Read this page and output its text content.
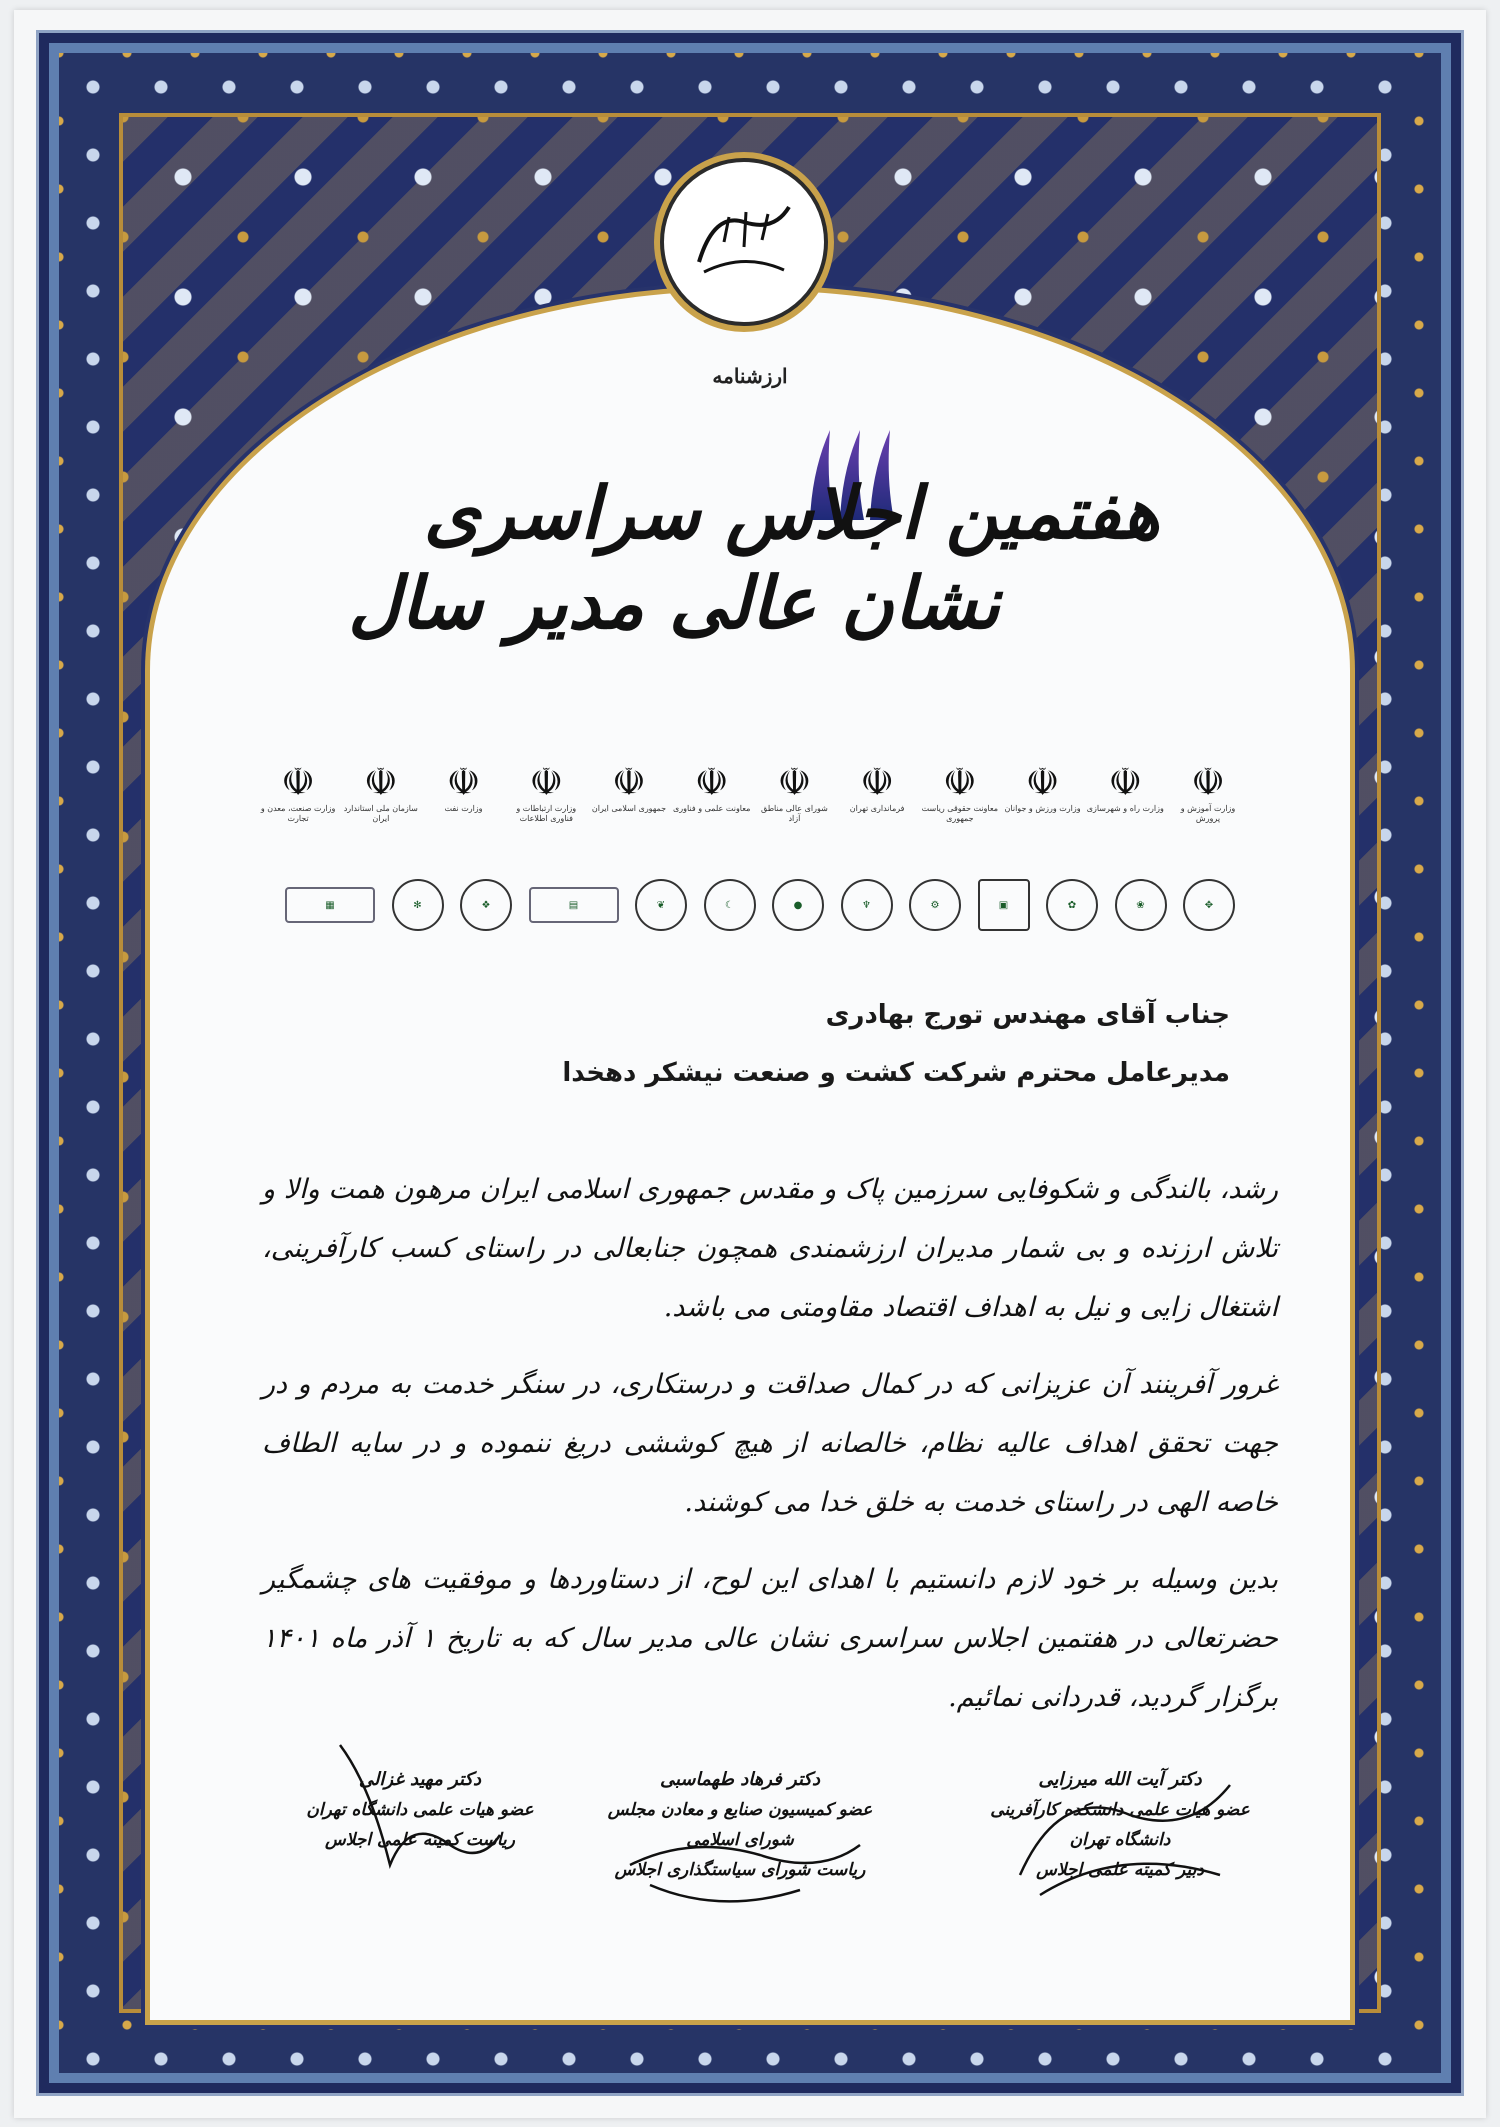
ارزشنامه
هفتمین اجلاس سراسری
نشان عالی مدیر سال
☫
وزارت آموزش و پرورش
☫
وزارت راه و شهرسازی
☫
وزارت ورزش و جوانان
☫
معاونت حقوقی ریاست جمهوری
☫
فرمانداری تهران
☫
شورای عالی مناطق آزاد
☫
معاونت علمی و فناوری
☫
جمهوری اسلامی ایران
☫
وزارت ارتباطات و فناوری اطلاعات
☫
وزارت نفت
☫
سازمان ملی استاندارد ایران
☫
وزارت صنعت، معدن و تجارت
▦	✻	❖	▤	❦	☾	●	♆	⚙	▣	✿	❀	✥
جناب آقای مهندس تورج بهادری
مدیرعامل محترم شرکت کشت و صنعت نیشکر دهخدا

رشد، بالندگی و شکوفایی سرزمین پاک و مقدس جمهوری اسلامی ایران مرهون همت والا و تلاش ارزنده و بی شمار مدیران ارزشمندی همچون جنابعالی در راستای کسب کارآفرینی، اشتغال زایی و نیل به اهداف اقتصاد مقاومتی می باشد.

غرور آفرینند آن عزیزانی که در کمال صداقت و درستکاری، در سنگر خدمت به مردم و در جهت تحقق اهداف عالیه نظام، خالصانه از هیچ کوششی دریغ ننموده و در سایه الطاف خاصه الهی در راستای خدمت به خلق خدا می کوشند.

بدین وسیله بر خود لازم دانستیم با اهدای این لوح، از دستاوردها و موفقیت های چشمگیر حضرتعالی در هفتمین اجلاس سراسری نشان عالی مدیر سال که به تاریخ ۱ آذر ماه ۱۴۰۱ برگزار گردید، قدردانی نمائیم.

دکتر آیت الله میرزایی
عضو هیات علمی دانشکده کارآفرینی دانشگاه تهران
دبیر کمیته علمی اجلاس
دکتر فرهاد طهماسبی
عضو کمیسیون صنایع و معادن مجلس شورای اسلامی
ریاست شورای سیاستگذاری اجلاس
دکتر مهید غزالی
عضو هیات علمی دانشگاه تهران
ریاست کمیته علمی اجلاس
